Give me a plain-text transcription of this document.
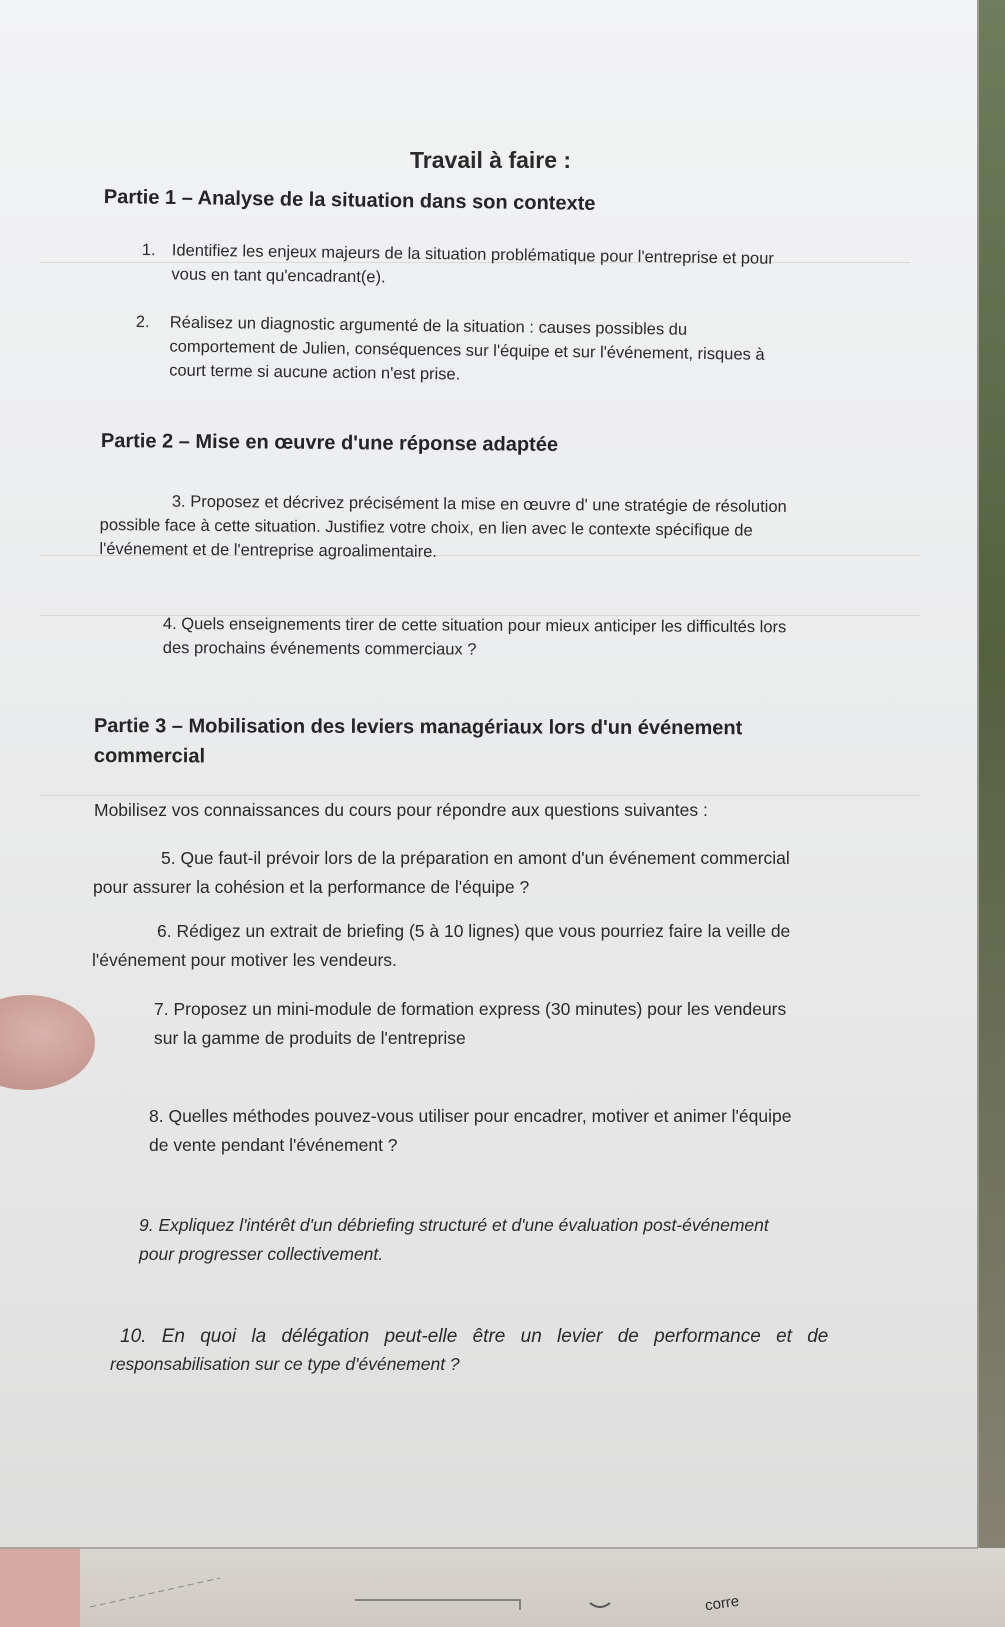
Travail à faire :

Partie 1 – Analyse de la situation dans son contexte

1. Identifiez les enjeux majeurs de la situation problématique pour l'entreprise et pour

vous en tant qu'encadrant(e).

2. Réalisez un diagnostic argumenté de la situation : causes possibles du

comportement de Julien, conséquences sur l'équipe et sur l'événement, risques à

court terme si aucune action n'est prise.

Partie 2 – Mise en œuvre d'une réponse adaptée

3. Proposez et décrivez précisément la mise en œuvre d' une stratégie de résolution

possible face à cette situation. Justifiez votre choix, en lien avec le contexte spécifique de

l'événement et de l'entreprise agroalimentaire.

4. Quels enseignements tirer de cette situation pour mieux anticiper les difficultés lors

des prochains événements commerciaux ?

Partie 3 – Mobilisation des leviers managériaux lors d'un événement

commercial

Mobilisez vos connaissances du cours pour répondre aux questions suivantes :

5. Que faut-il prévoir lors de la préparation en amont d'un événement commercial

pour assurer la cohésion et la performance de l'équipe ?

6. Rédigez un extrait de briefing (5 à 10 lignes) que vous pourriez faire la veille de

l'événement pour motiver les vendeurs.

7. Proposez un mini-module de formation express (30 minutes) pour les vendeurs

sur la gamme de produits de l'entreprise

8. Quelles méthodes pouvez-vous utiliser pour encadrer, motiver et animer l'équipe

de vente pendant l'événement ?

9. Expliquez l'intérêt d'un débriefing structuré et d'une évaluation post-événement

pour progresser collectivement.

10. En quoi la délégation peut-elle être un levier de performance et de

responsabilisation sur ce type d'événement ?

corre
